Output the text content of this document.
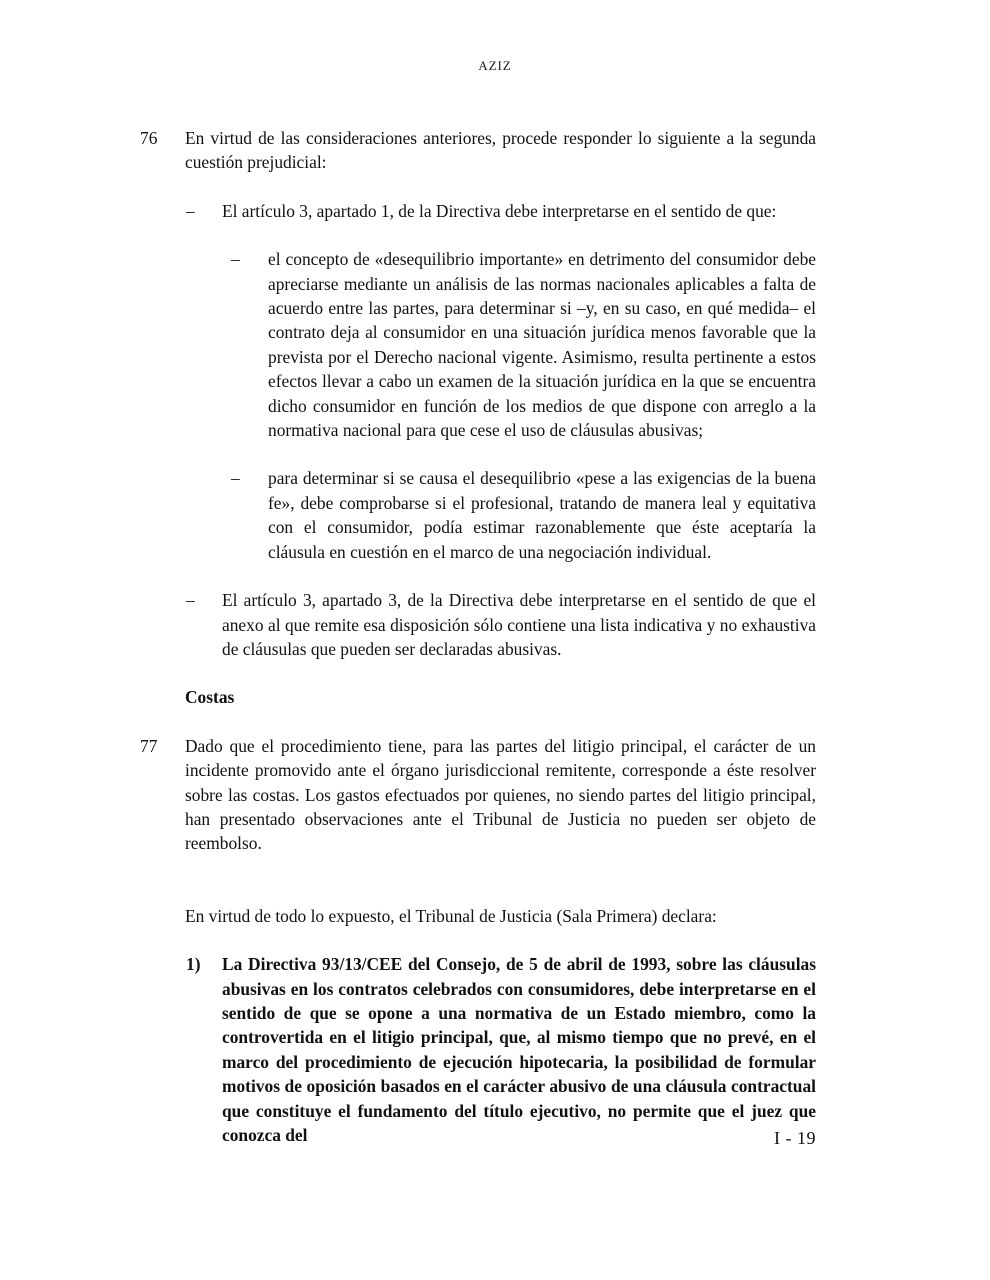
AZIZ
76	En virtud de las consideraciones anteriores, procede responder lo siguiente a la segunda cuestión prejudicial:
–	El artículo 3, apartado 1, de la Directiva debe interpretarse en el sentido de que:
–	el concepto de «desequilibrio importante» en detrimento del consumidor debe apreciarse mediante un análisis de las normas nacionales aplicables a falta de acuerdo entre las partes, para determinar si –y, en su caso, en qué medida– el contrato deja al consumidor en una situación jurídica menos favorable que la prevista por el Derecho nacional vigente. Asimismo, resulta pertinente a estos efectos llevar a cabo un examen de la situación jurídica en la que se encuentra dicho consumidor en función de los medios de que dispone con arreglo a la normativa nacional para que cese el uso de cláusulas abusivas;
–	para determinar si se causa el desequilibrio «pese a las exigencias de la buena fe», debe comprobarse si el profesional, tratando de manera leal y equitativa con el consumidor, podía estimar razonablemente que éste aceptaría la cláusula en cuestión en el marco de una negociación individual.
–	El artículo 3, apartado 3, de la Directiva debe interpretarse en el sentido de que el anexo al que remite esa disposición sólo contiene una lista indicativa y no exhaustiva de cláusulas que pueden ser declaradas abusivas.
Costas
77	Dado que el procedimiento tiene, para las partes del litigio principal, el carácter de un incidente promovido ante el órgano jurisdiccional remitente, corresponde a éste resolver sobre las costas. Los gastos efectuados por quienes, no siendo partes del litigio principal, han presentado observaciones ante el Tribunal de Justicia no pueden ser objeto de reembolso.
En virtud de todo lo expuesto, el Tribunal de Justicia (Sala Primera) declara:
1)	La Directiva 93/13/CEE del Consejo, de 5 de abril de 1993, sobre las cláusulas abusivas en los contratos celebrados con consumidores, debe interpretarse en el sentido de que se opone a una normativa de un Estado miembro, como la controvertida en el litigio principal, que, al mismo tiempo que no prevé, en el marco del procedimiento de ejecución hipotecaria, la posibilidad de formular motivos de oposición basados en el carácter abusivo de una cláusula contractual que constituye el fundamento del título ejecutivo, no permite que el juez que conozca del	I - 19
